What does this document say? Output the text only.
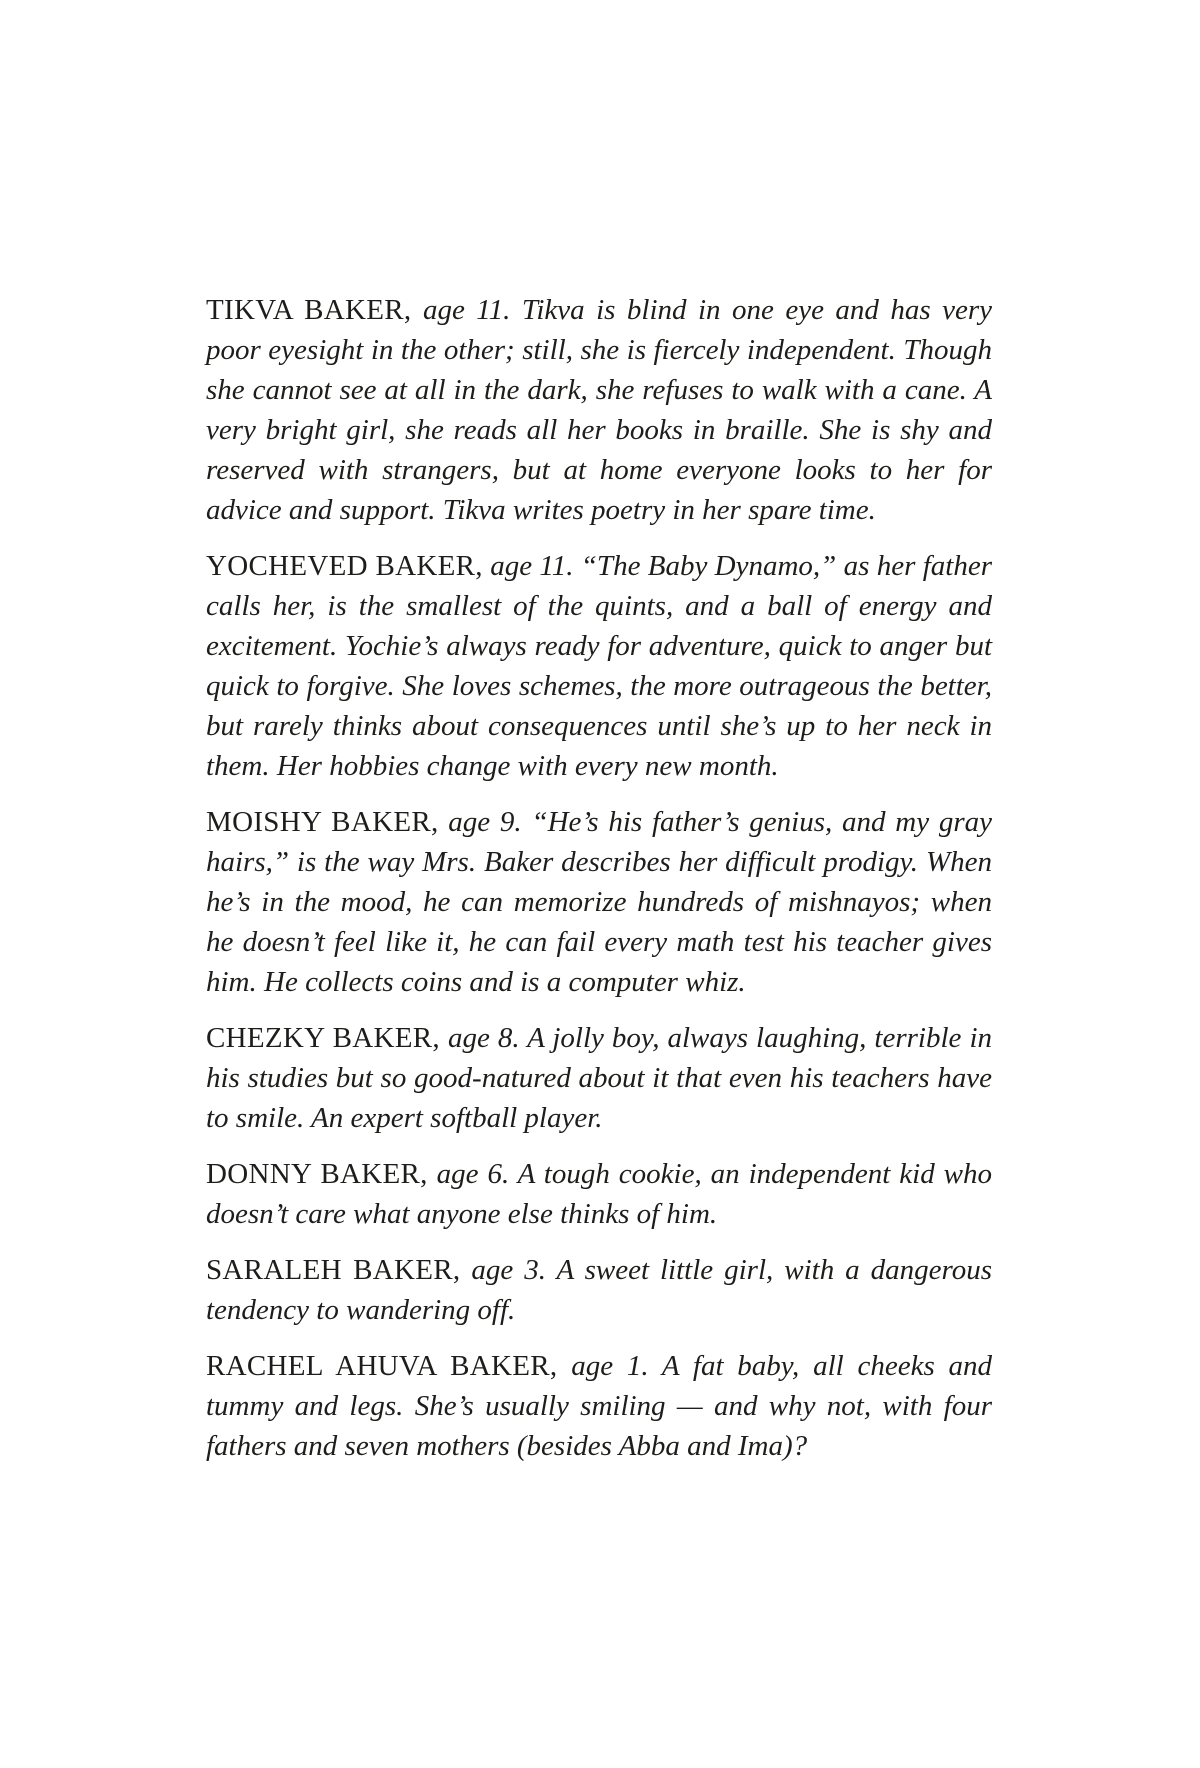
TIKVA BAKER, age 11. Tikva is blind in one eye and has very poor eyesight in the other; still, she is fiercely independent. Though she cannot see at all in the dark, she refuses to walk with a cane. A very bright girl, she reads all her books in braille. She is shy and reserved with strangers, but at home everyone looks to her for advice and support. Tikva writes poetry in her spare time.

YOCHEVED BAKER, age 11. “The Baby Dynamo,” as her father calls her, is the smallest of the quints, and a ball of energy and excitement. Yochie’s always ready for adventure, quick to anger but quick to forgive. She loves schemes, the more outrageous the better, but rarely thinks about consequences until she’s up to her neck in them. Her hobbies change with every new month.

MOISHY BAKER, age 9. “He’s his father’s genius, and my gray hairs,” is the way Mrs. Baker describes her difficult prodigy. When he’s in the mood, he can memorize hundreds of mishnayos; when he doesn’t feel like it, he can fail every math test his teacher gives him. He collects coins and is a computer whiz.

CHEZKY BAKER, age 8. A jolly boy, always laughing, terrible in his studies but so good-natured about it that even his teachers have to smile. An expert softball player.

DONNY BAKER, age 6. A tough cookie, an independent kid who doesn’t care what anyone else thinks of him.

SARALEH BAKER, age 3. A sweet little girl, with a dangerous tendency to wandering off.

RACHEL AHUVA BAKER, age 1. A fat baby, all cheeks and tummy and legs. She’s usually smiling — and why not, with four fathers and seven mothers (besides Abba and Ima)?
